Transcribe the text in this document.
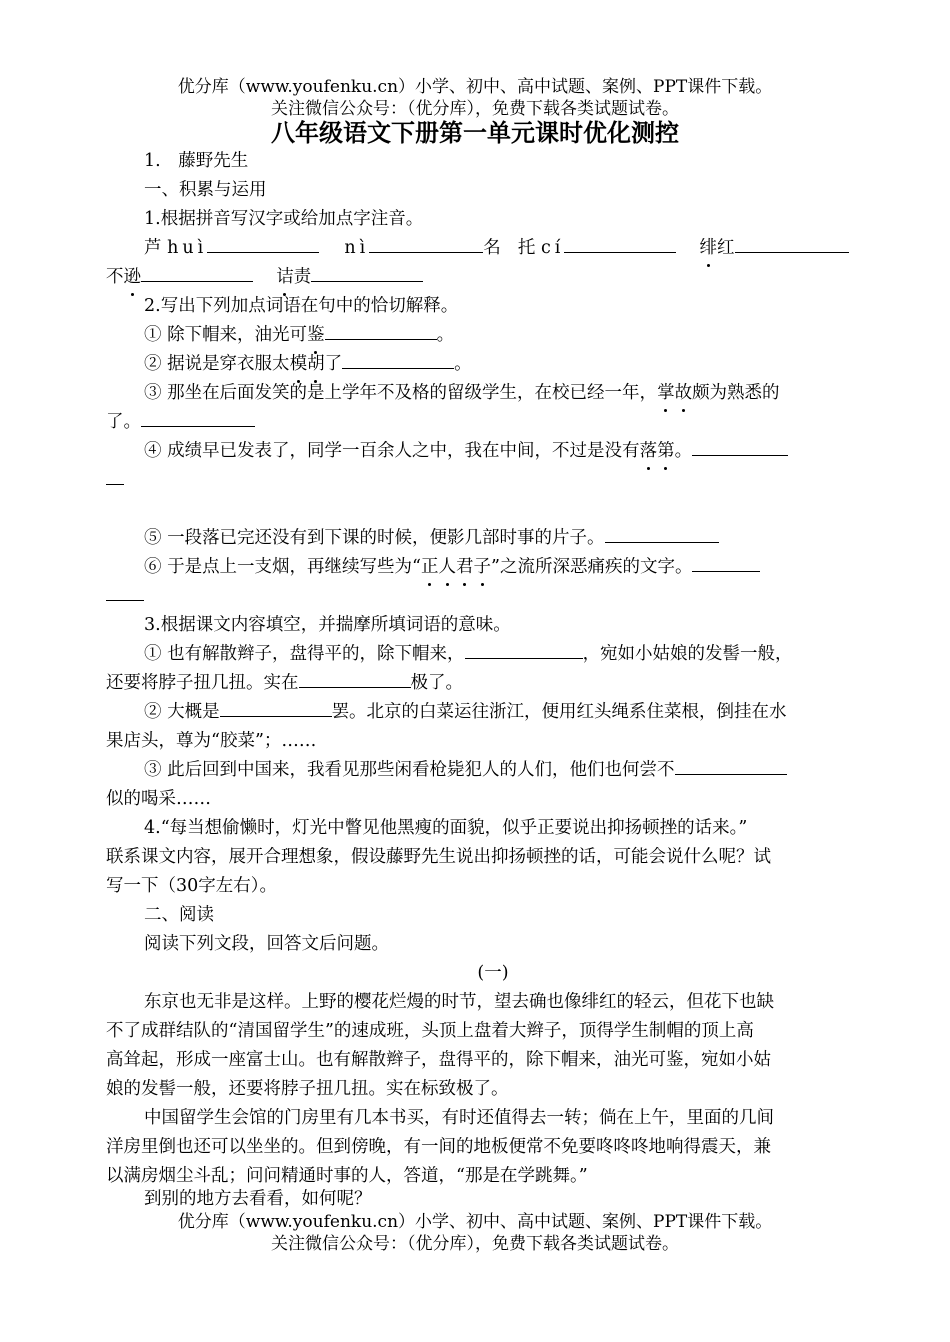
优分库（www.youfenku.cn）小学、初中、高中试题、案例、PPT课件下载。
关注微信公众号：（优分库），免费下载各类试题试卷。
八年级语文下册第一单元课时优化测控
1.　藤野先生
一、积累与运用
1.根据拼音写汉字或给加点字注音。
芦 huì	nì	名 托 cí	绯红
不逊	诘责
2.写出下列加点词语在句中的恰切解释。
① 除下帽来，油光可鉴	。
② 据说是穿衣服太模胡了	。
③ 那坐在后面发笑的是上学年不及格的留级学生，在校已经一年，掌故颇为熟悉的
了。
④ 成绩早已发表了，同学一百余人之中，我在中间，不过是没有落第。
⑤ 一段落已完还没有到下课的时候，便影几部时事的片子。
⑥ 于是点上一支烟，再继续写些为“正人君子”之流所深恶痛疾的文字。
3.根据课文内容填空，并揣摩所填词语的意味。
① 也有解散辫子，盘得平的，除下帽来，	，宛如小姑娘的发髻一般，
还要将脖子扭几扭。实在	极了。
② 大概是	罢。北京的白菜运往浙江，便用红头绳系住菜根，倒挂在水
果店头，尊为“胶菜”；……
③ 此后回到中国来，我看见那些闲看枪毙犯人的人们，他们也何尝不
似的喝采……
4.“每当想偷懒时，灯光中瞥见他黑瘦的面貌，似乎正要说出抑扬顿挫的话来。”
联系课文内容，展开合理想象，假设藤野先生说出抑扬顿挫的话，可能会说什么呢？试
写一下（30字左右）。
二、阅读
阅读下列文段，回答文后问题。
(一)
东京也无非是这样。上野的樱花烂熳的时节，望去确也像绯红的轻云，但花下也缺
不了成群结队的“清国留学生”的速成班，头顶上盘着大辫子，顶得学生制帽的顶上高
高耸起，形成一座富士山。也有解散辫子，盘得平的，除下帽来，油光可鉴，宛如小姑
娘的发髻一般，还要将脖子扭几扭。实在标致极了。
中国留学生会馆的门房里有几本书买，有时还值得去一转；倘在上午，里面的几间
洋房里倒也还可以坐坐的。但到傍晚，有一间的地板便常不免要咚咚咚地响得震天，兼
以满房烟尘斗乱；问问精通时事的人，答道，“那是在学跳舞。”
到别的地方去看看，如何呢？
优分库（www.youfenku.cn）小学、初中、高中试题、案例、PPT课件下载。
关注微信公众号：（优分库），免费下载各类试题试卷。
